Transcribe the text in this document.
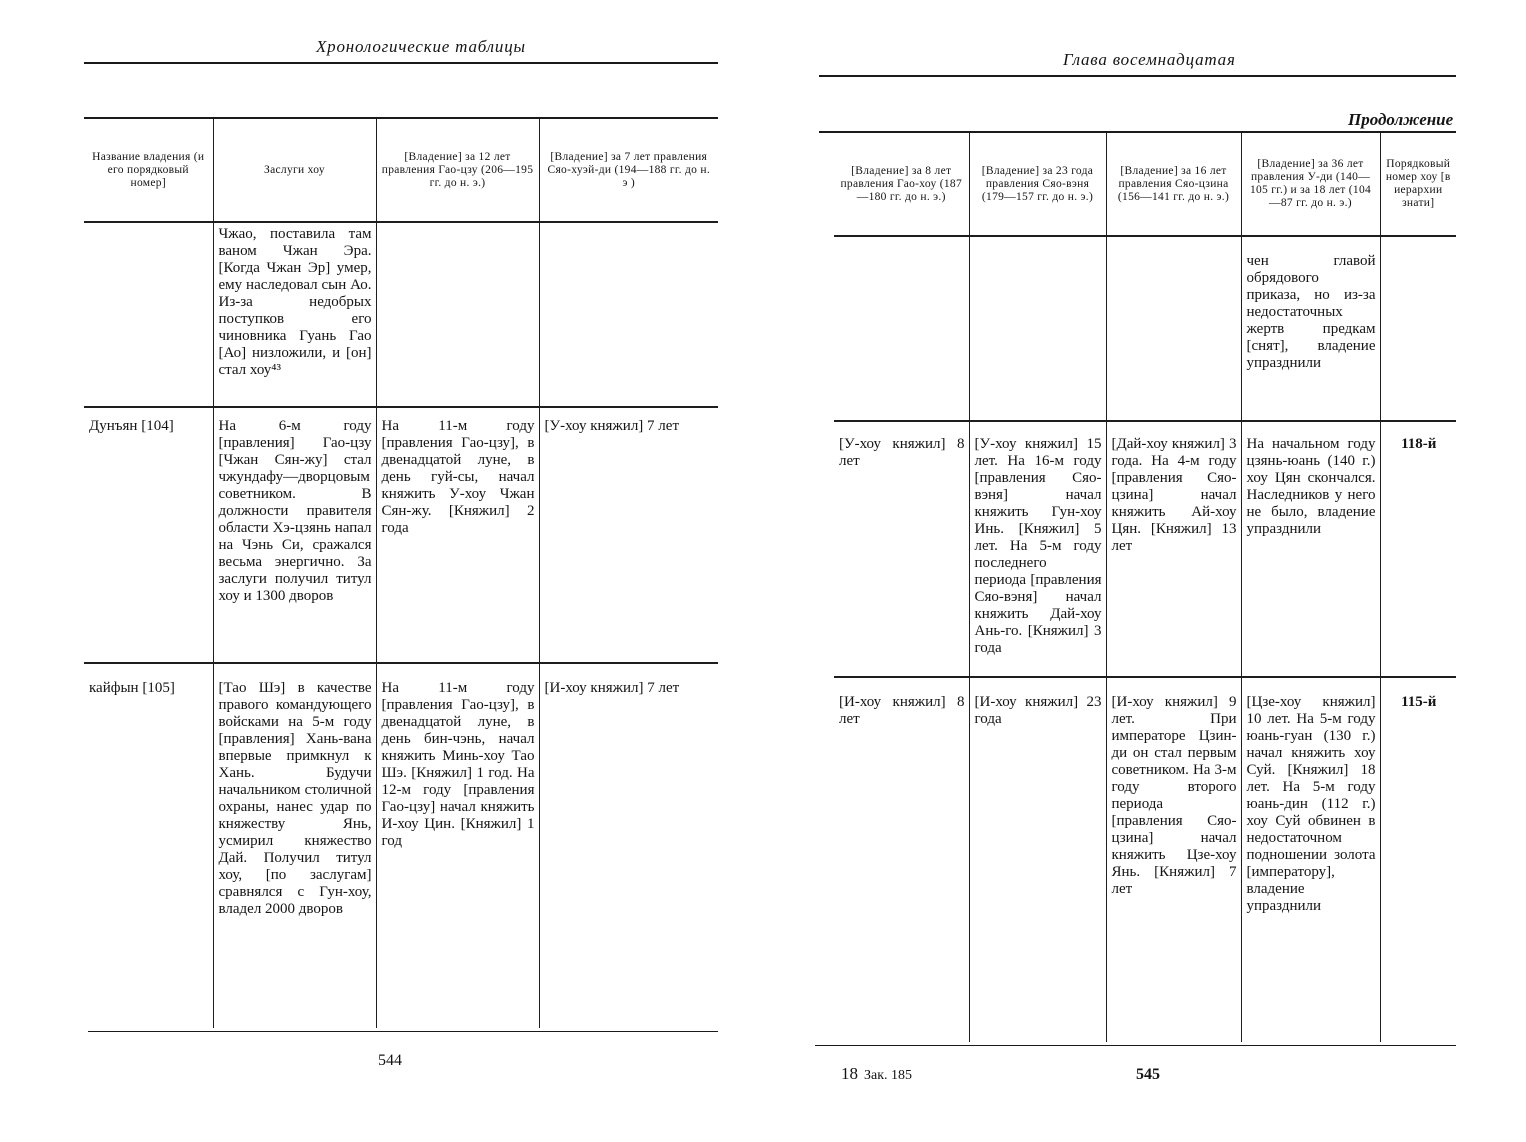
Хронологические таблицы
Название владения (и его порядковый номер]	Заслуги хоу	[Владение] за 12 лет правления Гао-цзу (206—195 гг. до н. э.)	[Владение] за 7 лет правления Сяо-хуэй-ди (194—188 гг. до н. э )

	Чжао, поставила там ваном Чжан Эра. [Когда Чжан Эр] умер, ему наследовал сын Ао. Из-за недобрых поступков его чиновника Гуань Гао [Ао] низложили, и [он] стал хоу⁴³		

Дунъян [104]	На 6-м году [правления] Гао-цзу [Чжан Сян-жу] стал чжундафу—дворцовым советником. В должности правителя области Хэ-цзянь напал на Чэнь Си, сражался весьма энергично. За заслуги получил титул хоу и 1300 дворов	На 11-м году [правления Гао-цзу], в двенадцатой луне, в день гуй-сы, начал княжить У-хоу Чжан Сян-жу. [Княжил] 2 года	[У-хоу княжил] 7 лет

кайфын [105]	[Тао Шэ] в качестве правого командующего войсками на 5-м году [правления] Хань-вана впервые примкнул к Хань. Будучи начальником столичной охраны, нанес удар по княжеству Янь, усмирил княжество Дай. Получил титул хоу, [по заслугам] сравнялся с Гун-хоу, владел 2000 дворов	На 11-м году [правления Гао-цзу], в двенадцатой луне, в день бин-чэнь, начал княжить Минь-хоу Тао Шэ. [Княжил] 1 год. На 12-м году [правления Гао-цзу] начал княжить И-хоу Цин. [Княжил] 1 год	[И-хоу княжил] 7 лет
544
Глава восемнадцатая
Продолжение
[Владение] за 8 лет правления Гао-хоу (187—180 гг. до н. э.)	[Владение] за 23 года правления Сяо-вэня (179—157 гг. до н. э.)	[Владение] за 16 лет правления Сяо-цзина (156—141 гг. до н. э.)	[Владение] за 36 лет правления У-ди (140—105 гг.) и за 18 лет (104—87 гг. до н. э.)	Порядковый номер хоу [в иерархии знати]

			чен главой обрядового приказа, но из-за недостаточных жертв предкам [снят], владение упразднили	

[У-хоу княжил] 8 лет	[У-хоу княжил] 15 лет. На 16-м году [правления Сяо-вэня] начал княжить Гун-хоу Инь. [Княжил] 5 лет. На 5-м году последнего периода [правления Сяо-вэня] начал княжить Дай-хоу Ань-го. [Княжил] 3 года	[Дай-хоу княжил] 3 года. На 4-м году [правления Сяо-цзина] начал княжить Ай-хоу Цян. [Княжил] 13 лет	На начальном году цзянь-юань (140 г.) хоу Цян скончался. Наследников у него не было, владение упразднили	118-й

[И-хоу княжил] 8 лет	[И-хоу княжил] 23 года	[И-хоу княжил] 9 лет. При императоре Цзин-ди он стал первым советником. На 3-м году второго периода [правления Сяо-цзина] начал княжить Цзе-хоу Янь. [Княжил] 7 лет	[Цзе-хоу княжил] 10 лет. На 5-м году юань-гуан (130 г.) начал княжить хоу Суй. [Княжил] 18 лет. На 5-м году юань-дин (112 г.) хоу Суй обвинен в недостаточном подношении золота [императору], владение упразднили	115-й
18 Зак. 185	545
